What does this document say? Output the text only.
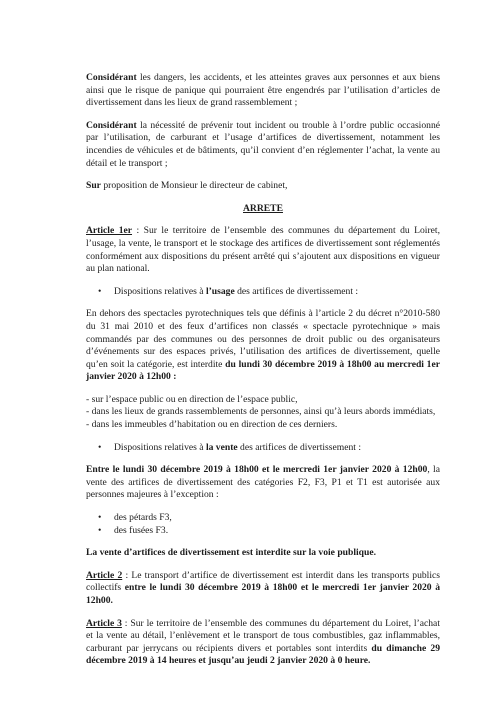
Considérant les dangers, les accidents, et les atteintes graves aux personnes et aux biens ainsi que le risque de panique qui pourraient être engendrés par l’utilisation d’articles de divertissement dans les lieux de grand rassemblement ;

Considérant la nécessité de prévenir tout incident ou trouble à l’ordre public occasionné par l’utilisation, de carburant et l’usage d’artifices de divertissement, notamment les incendies de véhicules et de bâtiments, qu’il convient d’en réglementer l’achat, la vente au détail et le transport ;

Sur proposition de Monsieur le directeur de cabinet,

ARRETE

Article 1er : Sur le territoire de l’ensemble des communes du département du Loiret, l’usage, la vente, le transport et le stockage des artifices de divertissement sont réglementés conformément aux dispositions du présent arrêté qui s’ajoutent aux dispositions en vigueur au plan national.

• Dispositions relatives à l’usage des artifices de divertissement :

En dehors des spectacles pyrotechniques tels que définis à l’article 2 du décret n°2010-580 du 31 mai 2010 et des feux d’artifices non classés « spectacle pyrotechnique » mais commandés par des communes ou des personnes de droit public ou des organisateurs d’événements sur des espaces privés, l’utilisation des artifices de divertissement, quelle qu’en soit la catégorie, est interdite du lundi 30 décembre 2019 à 18h00 au mercredi 1er janvier 2020 à 12h00 :

- sur l’espace public ou en direction de l’espace public,
- dans les lieux de grands rassemblements de personnes, ainsi qu’à leurs abords immédiats,
- dans les immeubles d’habitation ou en direction de ces derniers.

• Dispositions relatives à la vente des artifices de divertissement :

Entre le lundi 30 décembre 2019 à 18h00 et le mercredi 1er janvier 2020 à 12h00, la vente des artifices de divertissement des catégories F2, F3, P1 et T1 est autorisée aux personnes majeures à l’exception :

• des pétards F3,
• des fusées F3.

La vente d’artifices de divertissement est interdite sur la voie publique.

Article 2 : Le transport d’artifice de divertissement est interdit dans les transports publics collectifs entre le lundi 30 décembre 2019 à 18h00 et le mercredi 1er janvier 2020 à 12h00.

Article 3 : Sur le territoire de l’ensemble des communes du département du Loiret, l’achat et la vente au détail, l’enlèvement et le transport de tous combustibles, gaz inflammables, carburant par jerrycans ou récipients divers et portables sont interdits du dimanche 29 décembre 2019 à 14 heures et jusqu’au jeudi 2 janvier 2020 à 0 heure.
